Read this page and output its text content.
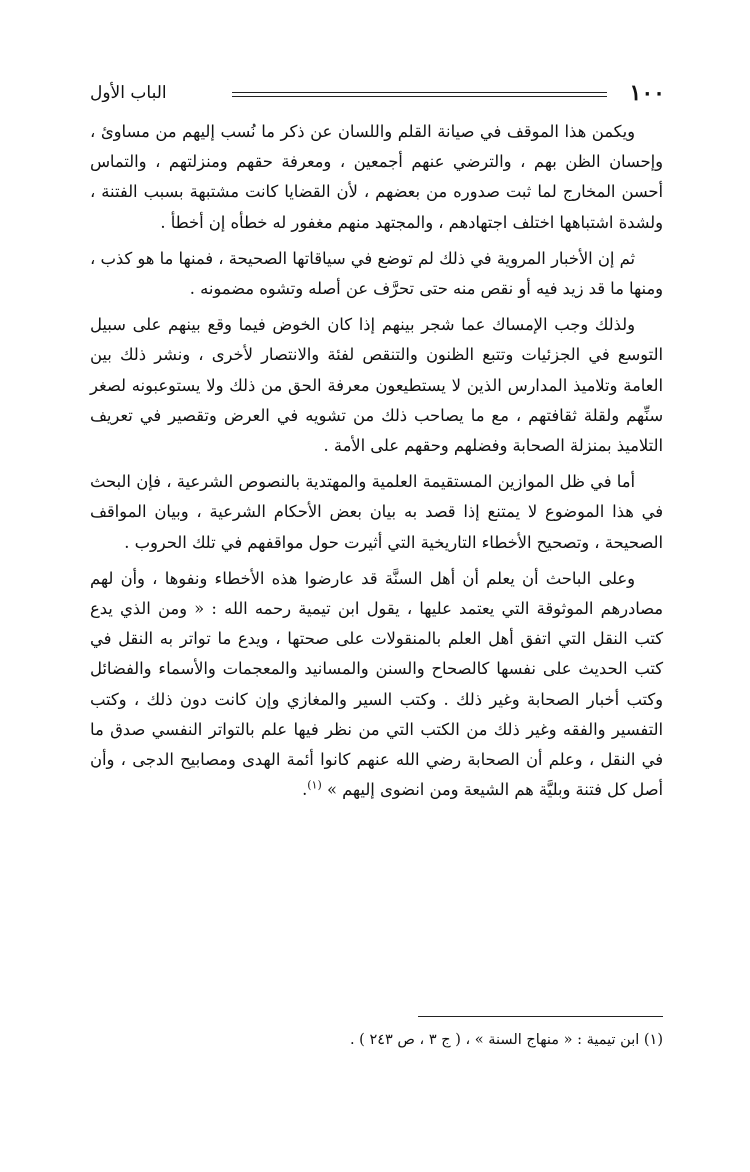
١٠٠
الباب الأول

ويكمن هذا الموقف في صيانة القلم واللسان عن ذكر ما نُسب إليهم من مساوئ ، وإحسان الظن بهم ، والترضي عنهم أجمعين ، ومعرفة حقهم ومنزلتهم ، والتماس أحسن المخارج لما ثبت صدوره من بعضهم ، لأن القضايا كانت مشتبهة بسبب الفتنة ، ولشدة اشتباهها اختلف اجتهادهم ، والمجتهد منهم مغفور له خطأه إن أخطأ .

ثم إن الأخبار المروية في ذلك لم توضع في سياقاتها الصحيحة ، فمنها ما هو كذب ، ومنها ما قد زيد فيه أو نقص منه حتى تحرَّف عن أصله وتشوه مضمونه .

ولذلك وجب الإمساك عما شجر بينهم إذا كان الخوض فيما وقع بينهم على سبيل التوسع في الجزئيات وتتبع الظنون والتنقص لفئة والانتصار لأخرى ، ونشر ذلك بين العامة وتلاميذ المدارس الذين لا يستطيعون معرفة الحق من ذلك ولا يستوعبونه لصغر سنِّهم ولقلة ثقافتهم ، مع ما يصاحب ذلك من تشويه في العرض وتقصير في تعريف التلاميذ بمنزلة الصحابة وفضلهم وحقهم على الأمة .

أما في ظل الموازين المستقيمة العلمية والمهتدية بالنصوص الشرعية ، فإن البحث في هذا الموضوع لا يمتنع إذا قصد به بيان بعض الأحكام الشرعية ، وبيان المواقف الصحيحة ، وتصحيح الأخطاء التاريخية التي أثيرت حول مواقفهم في تلك الحروب .

وعلى الباحث أن يعلم أن أهل السنَّة قد عارضوا هذه الأخطاء ونفوها ، وأن لهم مصادرهم الموثوقة التي يعتمد عليها ، يقول ابن تيمية رحمه الله : « ومن الذي يدع كتب النقل التي اتفق أهل العلم بالمنقولات على صحتها ، ويدع ما تواتر به النقل في كتب الحديث على نفسها كالصحاح والسنن والمسانيد والمعجمات والأسماء والفضائل وكتب أخبار الصحابة وغير ذلك . وكتب السير والمغازي وإن كانت دون ذلك ، وكتب التفسير والفقه وغير ذلك من الكتب التي من نظر فيها علم بالتواتر النفسي صدق ما في النقل ، وعلم أن الصحابة رضي الله عنهم كانوا أئمة الهدى ومصابيح الدجى ، وأن أصل كل فتنة وبليَّة هم الشيعة ومن انضوى إليهم » $^{(١)}$.

(١) ابن تيمية : « منهاج السنة » ، ( ج ٣ ، ص ٢٤٣ ) .
